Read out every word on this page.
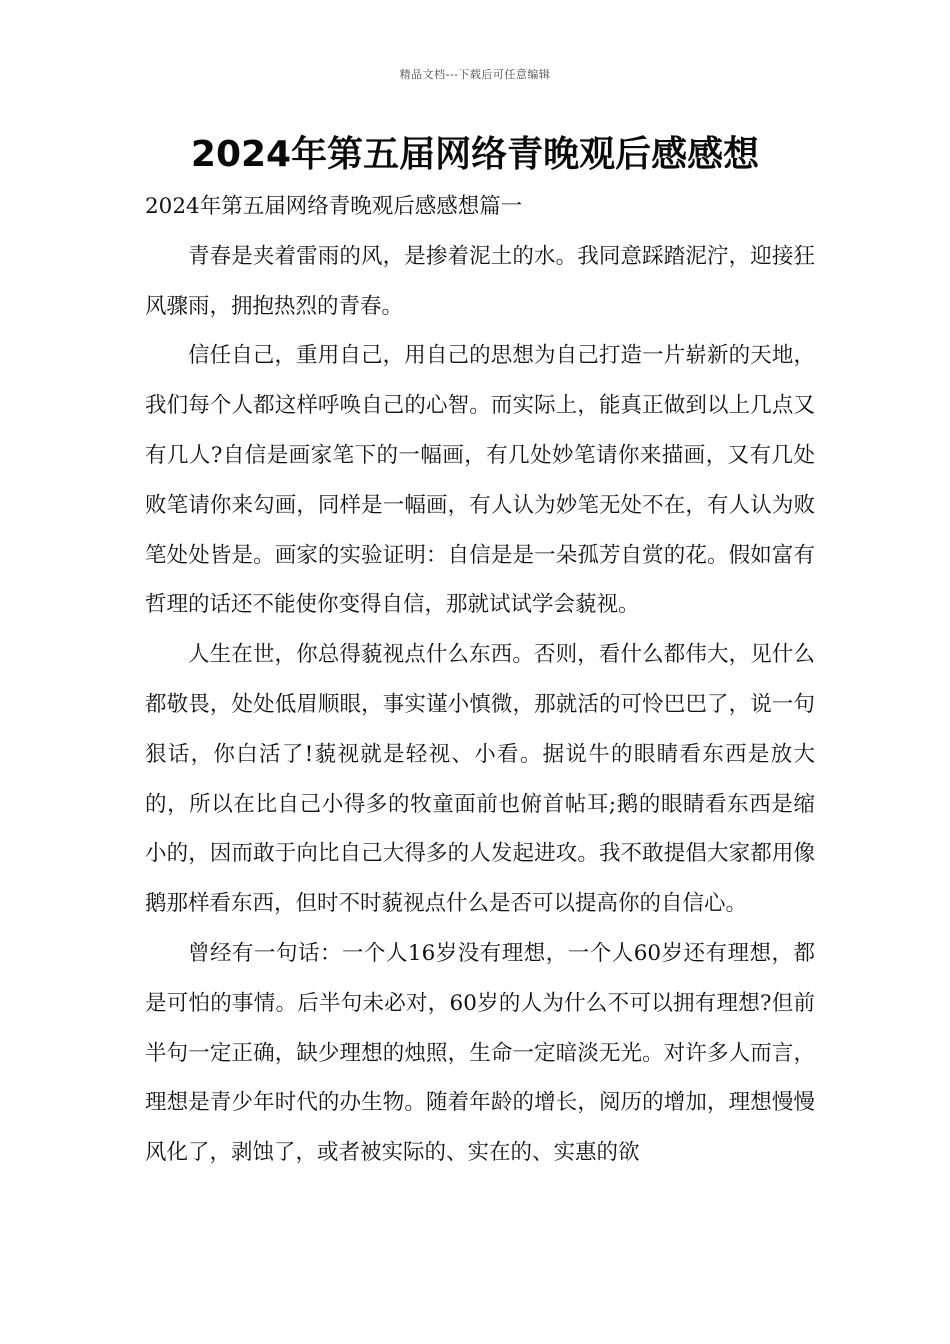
精品文档---下载后可任意编辑
2024年第五届网络青晚观后感感想

2024年第五届网络青晚观后感感想篇一

青春是夹着雷雨的风，是掺着泥土的水。我同意踩踏泥泞，迎接狂风骤雨，拥抱热烈的青春。

信任自己，重用自己，用自己的思想为自己打造一片崭新的天地，我们每个人都这样呼唤自己的心智。而实际上，能真正做到以上几点又有几人?自信是画家笔下的一幅画，有几处妙笔请你来描画，又有几处败笔请你来勾画，同样是一幅画，有人认为妙笔无处不在，有人认为败笔处处皆是。画家的实验证明：自信是是一朵孤芳自赏的花。假如富有哲理的话还不能使你变得自信，那就试试学会藐视。

人生在世，你总得藐视点什么东西。否则，看什么都伟大，见什么都敬畏，处处低眉顺眼，事实谨小慎微，那就活的可怜巴巴了，说一句狠话，你白活了!藐视就是轻视、小看。据说牛的眼睛看东西是放大的，所以在比自己小得多的牧童面前也俯首帖耳;鹅的眼睛看东西是缩小的，因而敢于向比自己大得多的人发起进攻。我不敢提倡大家都用像鹅那样看东西，但时不时藐视点什么是否可以提高你的自信心。

曾经有一句话：一个人16岁没有理想，一个人60岁还有理想，都是可怕的事情。后半句未必对，60岁的人为什么不可以拥有理想?但前半句一定正确，缺少理想的烛照，生命一定暗淡无光。对许多人而言，理想是青少年时代的办生物。随着年龄的增长，阅历的增加，理想慢慢风化了，剥蚀了，或者被实际的、实在的、实惠的欲
